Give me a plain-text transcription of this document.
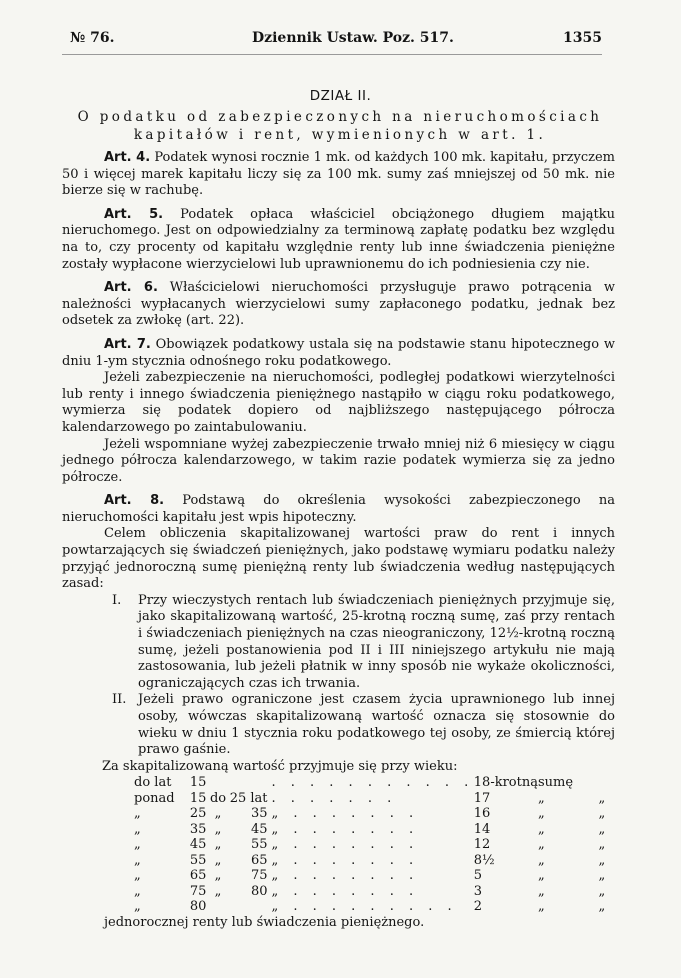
№ 76.	Dziennik Ustaw. Poz. 517.	1355
DZIAŁ II.
O podatku od zabezpieczonych na nieruchomościach kapitałów i rent, wymienionych w art. 1.

Art. 4. Podatek wynosi rocznie 1 mk. od każdych 100 mk. kapitału, przyczem 50 i więcej marek kapitału liczy się za 100 mk. sumy zaś mniejszej od 50 mk. nie bierze się w rachubę.

Art. 5. Podatek opłaca właściciel obciążonego długiem majątku nieruchomego. Jest on odpowiedzialny za terminową zapłatę podatku bez względu na to, czy procenty od kapitału względnie renty lub inne świadczenia pieniężne zostały wypłacone wierzycielowi lub uprawnionemu do ich podniesienia czy nie.

Art. 6. Właścicielowi nieruchomości przysługuje prawo potrącenia w należności wypłacanych wierzycielowi sumy zapłaconego podatku, jednak bez odsetek za zwłokę (art. 22).

Art. 7. Obowiązek podatkowy ustala się na podstawie stanu hipotecznego w dniu 1-ym stycznia odnośnego roku podatkowego.

Jeżeli zabezpieczenie na nieruchomości, podległej podatkowi wierzytelności lub renty i innego świadczenia pieniężnego nastąpiło w ciągu roku podatkowego, wymierza się podatek dopiero od najbliższego następującego półrocza kalendarzowego po zaintabulowaniu.

Jeżeli wspomniane wyżej zabezpieczenie trwało mniej niż 6 miesięcy w ciągu jednego półrocza kalendarzowego, w takim razie podatek wymierza się za jedno półrocze.

Art. 8. Podstawą do określenia wysokości zabezpieczonego na nieruchomości kapitału jest wpis hipoteczny.

Celem obliczenia skapitalizowanej wartości praw do rent i innych powtarzających się świadczeń pieniężnych, jako podstawę wymiaru podatku należy przyjąć jednoroczną sumę pieniężną renty lub świadczenia według następujących zasad:

I. Przy wieczystych rentach lub świadczeniach pieniężnych przyjmuje się, jako skapitalizowaną wartość, 25-krotną roczną sumę, zaś przy rentach i świadczeniach pieniężnych na czas nieograniczony, 12½-krotną roczną sumę, jeżeli postanowienia pod II i III niniejszego artykułu nie mają zastosowania, lub jeżeli płatnik w inny sposób nie wykaże okoliczności, ograniczających czas ich trwania.
II. Jeżeli prawo ograniczone jest czasem życia uprawnionego lub innej osoby, wówczas skapitalizowaną wartość oznacza się stosownie do wieku w dniu 1 stycznia roku podatkowego tej osoby, ze śmiercią której prawo gaśnie.

Za skapitalizowaną wartość przyjmuje się przy wieku:

do lat	15			. . . . . . . . . . .	18-krotną	sumę	
ponad	15	do	25 lat	. . . . . . .	17	„	„
„	25	„	35	„ . . . . . . .	16	„	„
„	35	„	45	„ . . . . . . .	14	„	„
„	45	„	55	„ . . . . . . .	12	„	„
„	55	„	65	„ . . . . . . .	8½	„	„
„	65	„	75	„ . . . . . . .	5	„	„
„	75	„	80	„ . . . . . . .	3	„	„
„	80			„ . . . . . . . . .	2	„	„

jednorocznej renty lub świadczenia pieniężnego.
